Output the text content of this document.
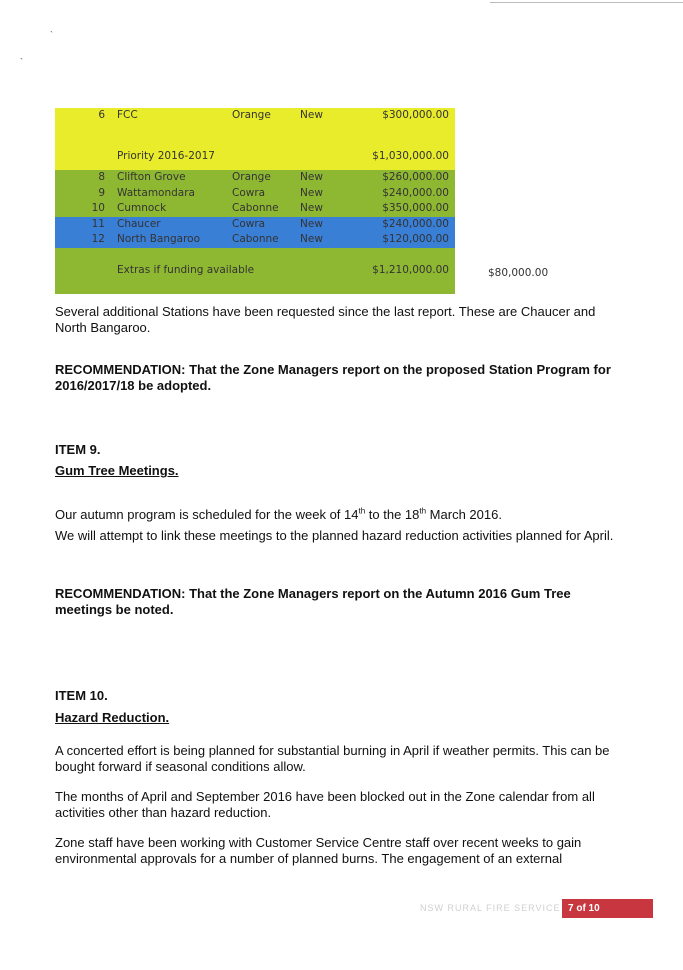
`
`
6 FCC	Orange	New	$300,000.00
Priority 2016-2017	$1,030,000.00
8 Clifton Grove	Orange	New	$260,000.00
9 Wattamondara	Cowra	New	$240,000.00
10 Cumnock	Cabonne New	$350,000.00
11 Chaucer	Cowra	New	$240,000.00
12 North Bangaroo	Cabonne New	$120,000.00
Extras if funding available	$1,210,000.00	$80,000.00
Several additional Stations have been requested since the last report. These are Chaucer and North Bangaroo.
RECOMMENDATION: That the Zone Managers report on the proposed Station Program for 2016/2017/18 be adopted.
ITEM 9.
Gum Tree Meetings.
Our autumn program is scheduled for the week of 14th to the 18th March 2016.
We will attempt to link these meetings to the planned hazard reduction activities planned for April.
RECOMMENDATION: That the Zone Managers report on the Autumn 2016 Gum Tree meetings be noted.
ITEM 10.
Hazard Reduction.
A concerted effort is being planned for substantial burning in April if weather permits. This can be bought forward if seasonal conditions allow.
The months of April and September 2016 have been blocked out in the Zone calendar from all activities other than hazard reduction.
Zone staff have been working with Customer Service Centre staff over recent weeks to gain environmental approvals for a number of planned burns. The engagement of an external
NSW RURAL FIRE SERVICE 7 of 10
